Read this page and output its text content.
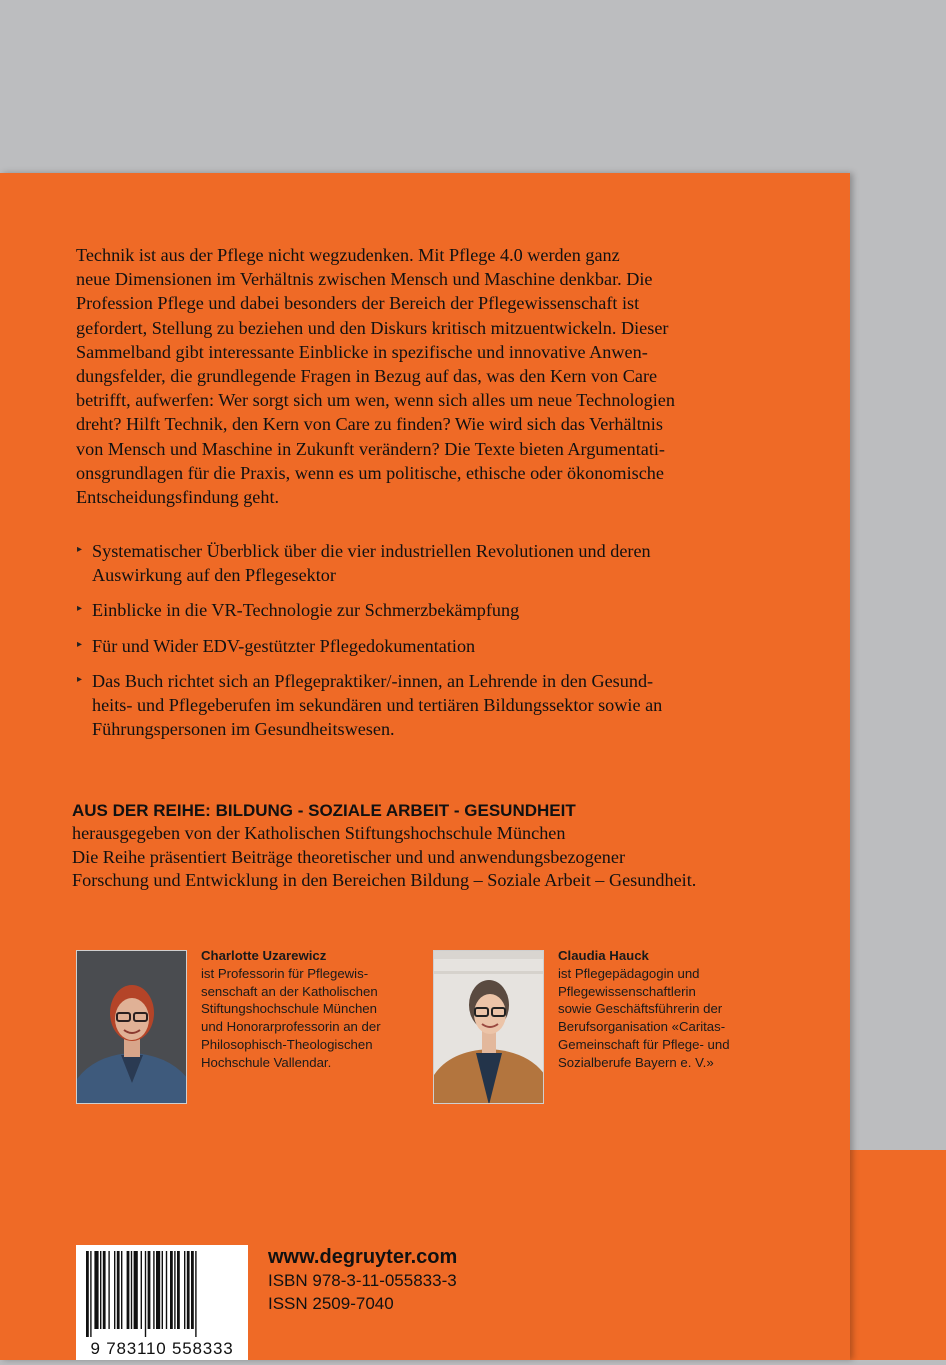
Technik ist aus der Pflege nicht wegzudenken. Mit Pflege 4.0 werden ganz
neue Dimensionen im Verhältnis zwischen Mensch und Maschine denkbar. Die
Profession Pflege und dabei besonders der Bereich der Pflegewissenschaft ist
gefordert, Stellung zu beziehen und den Diskurs kritisch mitzuentwickeln. Dieser
Sammelband gibt interessante Einblicke in spezifische und innovative Anwen-
dungsfelder, die grundlegende Fragen in Bezug auf das, was den Kern von Care
betrifft, aufwerfen: Wer sorgt sich um wen, wenn sich alles um neue Technologien
dreht? Hilft Technik, den Kern von Care zu finden? Wie wird sich das Verhältnis
von Mensch und Maschine in Zukunft verändern? Die Texte bieten Argumentati-
onsgrundlagen für die Praxis, wenn es um politische, ethische oder ökonomische
Entscheidungsfindung geht.

▸ Systematischer Überblick über die vier industriellen Revolutionen und deren
Auswirkung auf den Pflegesektor
▸ Einblicke in die VR-Technologie zur Schmerzbekämpfung
▸ Für und Wider EDV-gestützter Pflegedokumentation
▸ Das Buch richtet sich an Pflegepraktiker/-innen, an Lehrende in den Gesund-
heits- und Pflegeberufen im sekundären und tertiären Bildungssektor sowie an
Führungspersonen im Gesundheitswesen.
AUS DER REIHE: BILDUNG - SOZIALE ARBEIT - GESUNDHEIT
herausgegeben von der Katholischen Stiftungshochschule München
Die Reihe präsentiert Beiträge theoretischer und und anwendungsbezogener
Forschung und Entwicklung in den Bereichen Bildung – Soziale Arbeit – Gesundheit.
Charlotte Uzarewicz
ist Professorin für Pflegewis-
senschaft an der Katholischen
Stiftungshochschule München
und Honorarprofessorin an der
Philosophisch-Theologischen
Hochschule Vallendar.
Claudia Hauck
ist Pflegepädagogin und
Pflegewissenschaftlerin
sowie Geschäftsführerin der
Berufsorganisation «Caritas-
Gemeinschaft für Pflege- und
Sozialberufe Bayern e. V.»
9 783110 558333
www.degruyter.com
ISBN 978-3-11-055833-3
ISSN 2509-7040
